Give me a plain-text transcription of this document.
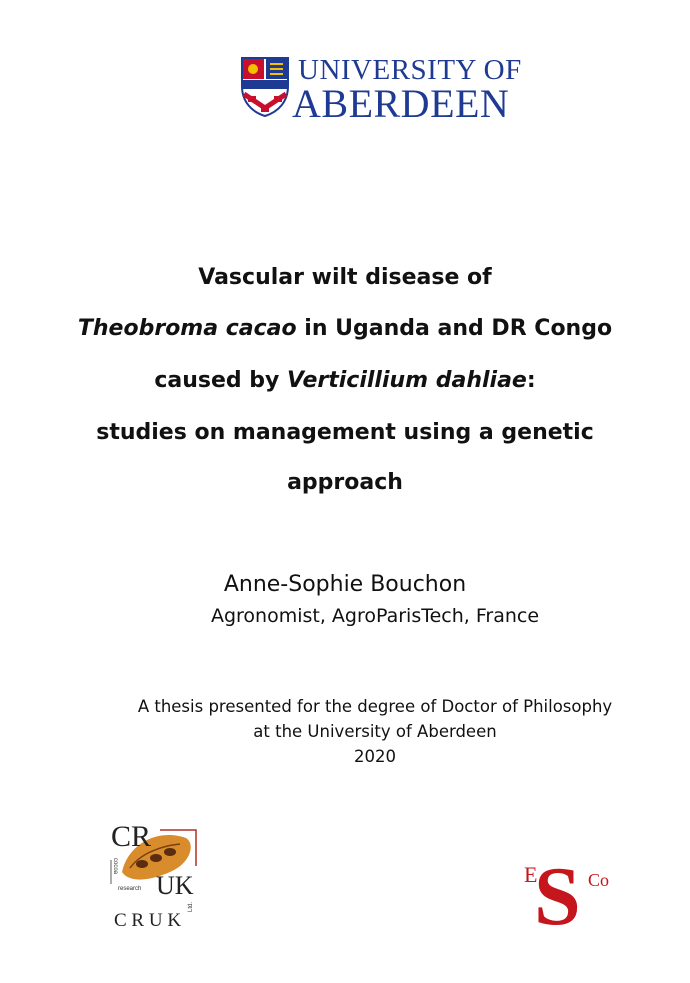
UNIVERSITY OF
ABERDEEN
Vascular wilt disease of
Theobroma cacao in Uganda and DR Congo
caused by Verticillium dahliae:
studies on management using a genetic
approach
Anne-Sophie Bouchon
Agronomist, AgroParisTech, France
A thesis presented for the degree of Doctor of Philosophy
at the University of Aberdeen
2020
CR
UK
cocoa
research
Ltd.
C R U K
E
S Co
